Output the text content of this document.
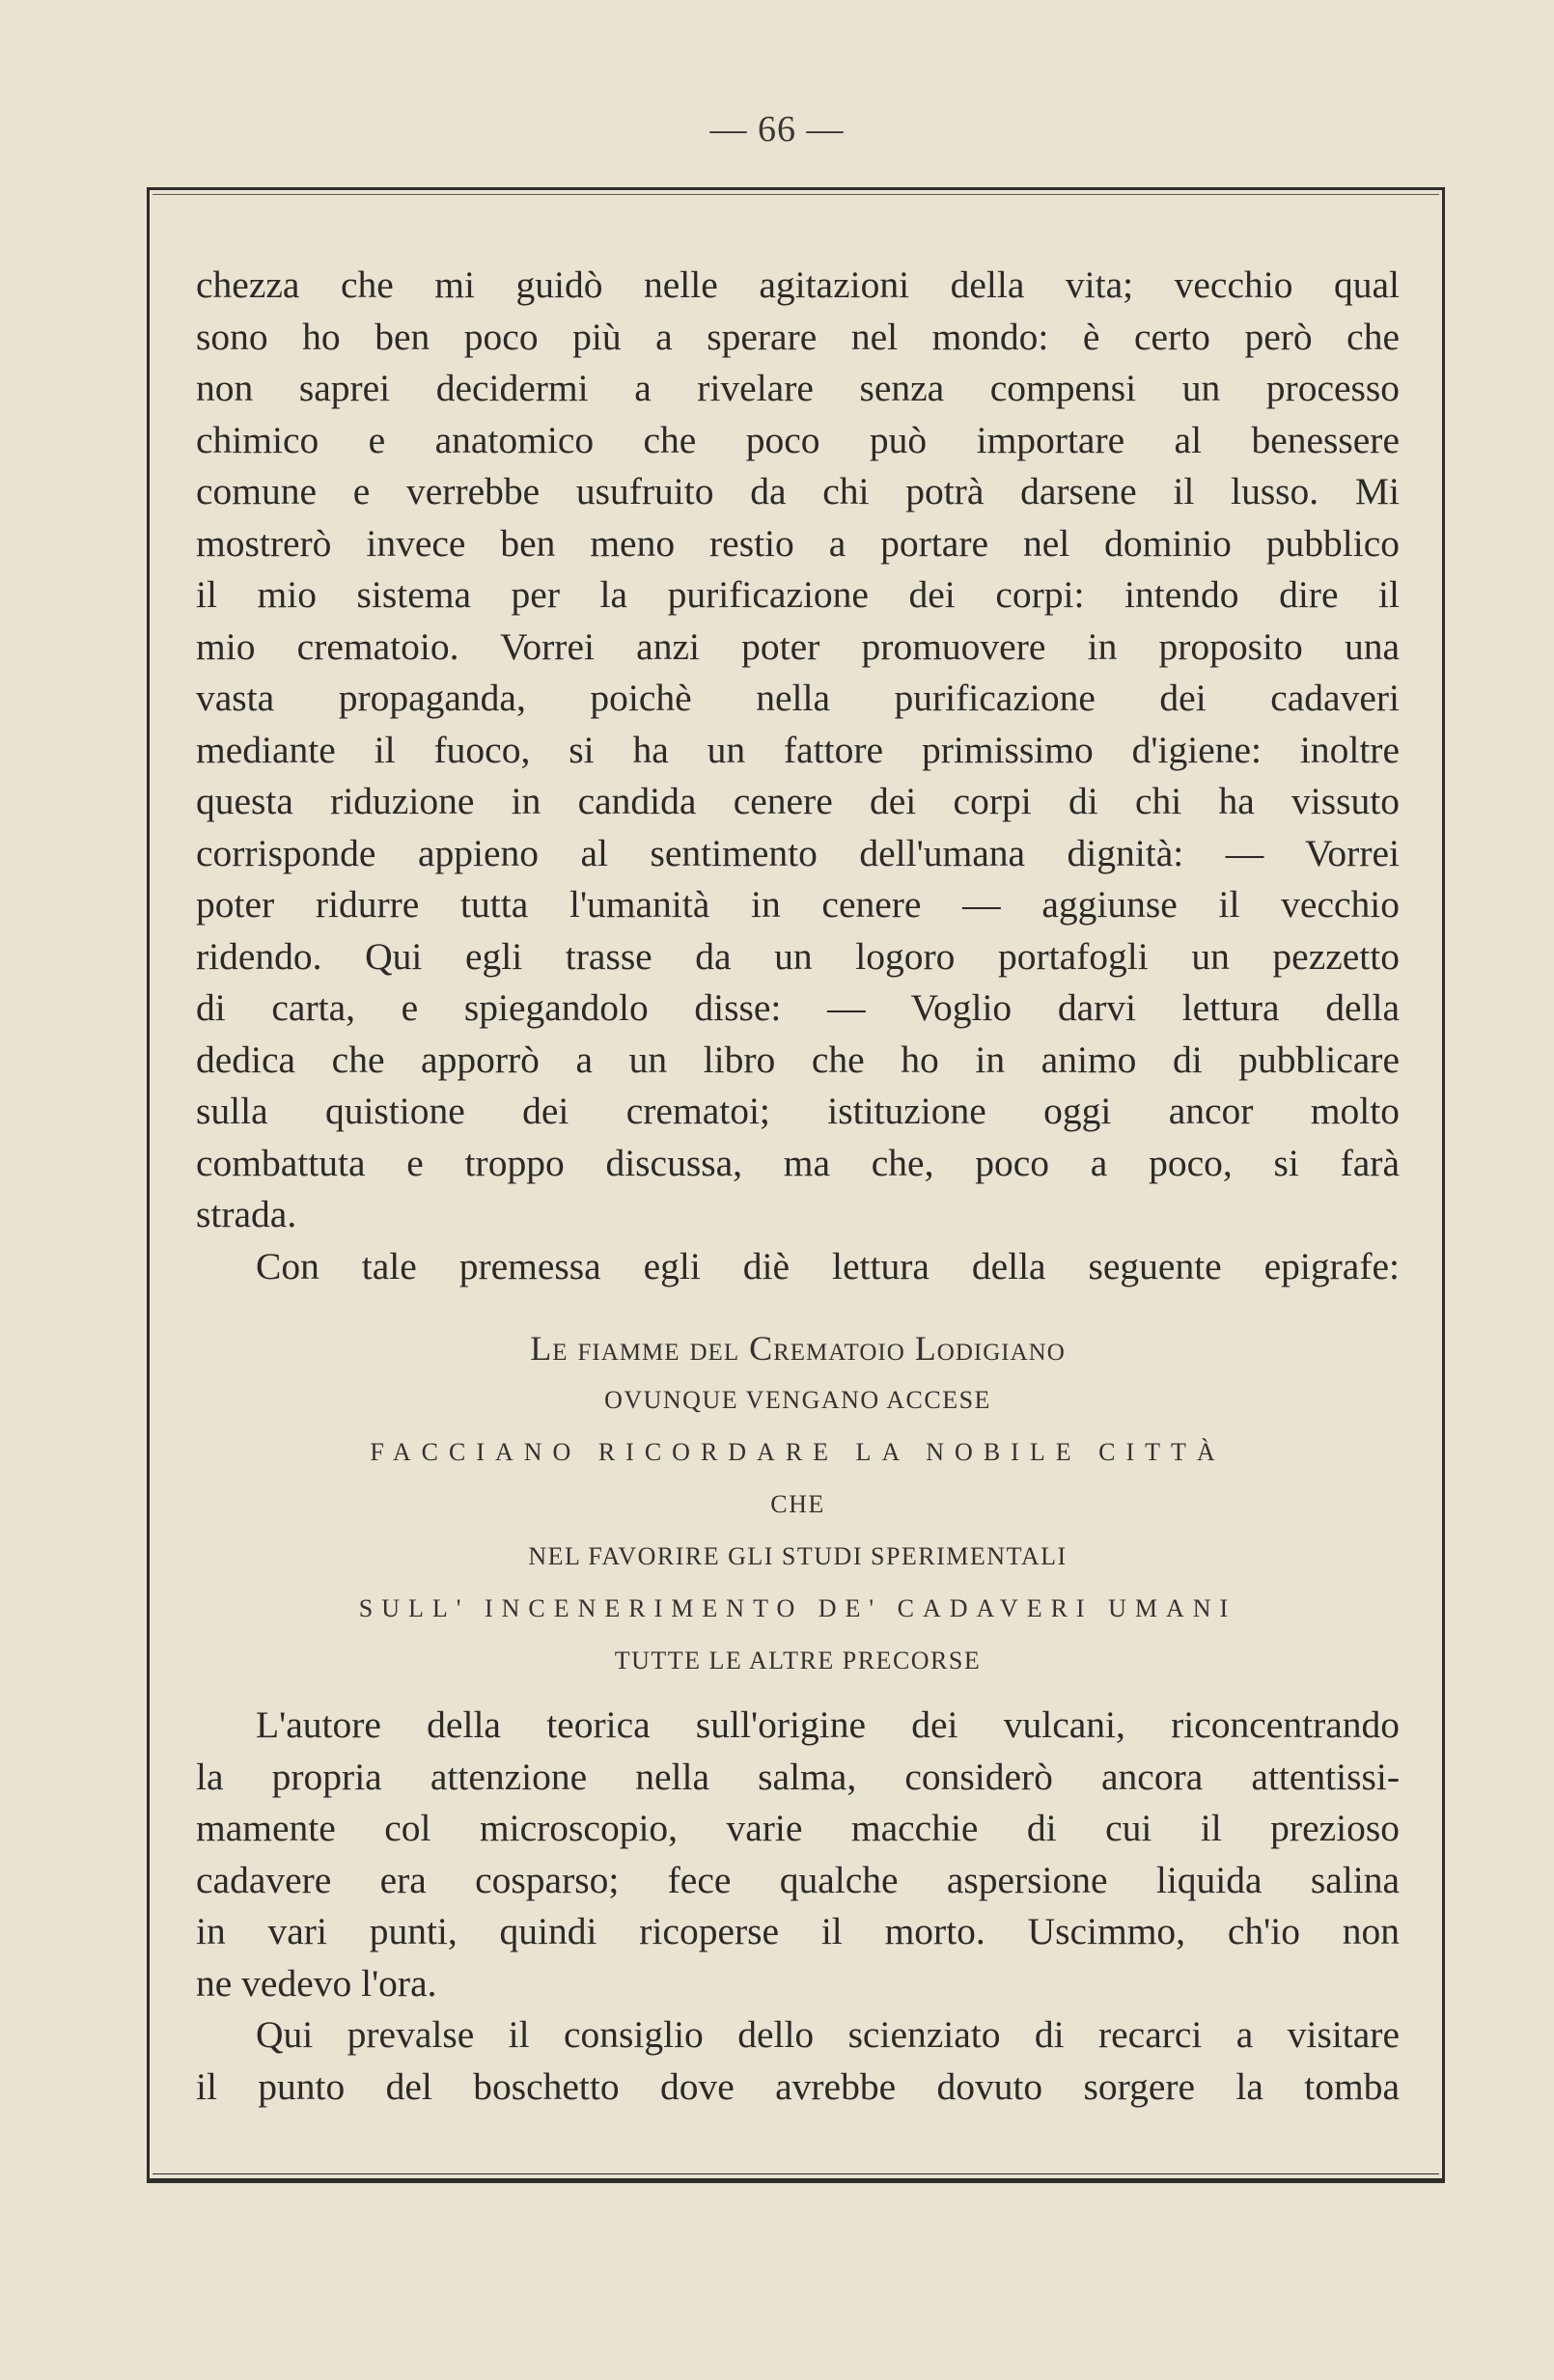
— 66 —
chezza che mi guidò nelle agitazioni della vita; vecchio qual
sono ho ben poco più a sperare nel mondo: è certo però che
non saprei decidermi a rivelare senza compensi un processo
chimico e anatomico che poco può importare al benessere
comune e verrebbe usufruito da chi potrà darsene il lusso. Mi
mostrerò invece ben meno restio a portare nel dominio pubblico
il mio sistema per la purificazione dei corpi: intendo dire il
mio crematoio. Vorrei anzi poter promuovere in proposito una
vasta propaganda, poichè nella purificazione dei cadaveri
mediante il fuoco, si ha un fattore primissimo d'igiene: inoltre
questa riduzione in candida cenere dei corpi di chi ha vissuto
corrisponde appieno al sentimento dell'umana dignità: — Vorrei
poter ridurre tutta l'umanità in cenere — aggiunse il vecchio
ridendo. Qui egli trasse da un logoro portafogli un pezzetto
di carta, e spiegandolo disse: — Voglio darvi lettura della
dedica che apporrò a un libro che ho in animo di pubblicare
sulla quistione dei crematoi; istituzione oggi ancor molto
combattuta e troppo discussa, ma che, poco a poco, si farà
strada.
Con tale premessa egli diè lettura della seguente epigrafe:
Le fiamme del Crematoio Lodigiano
OVUNQUE VENGANO ACCESE
FACCIANO RICORDARE LA NOBILE CITTÀ
CHE
NEL FAVORIRE GLI STUDI SPERIMENTALI
SULL' INCENERIMENTO DE' CADAVERI UMANI
TUTTE LE ALTRE PRECORSE
L'autore della teorica sull'origine dei vulcani, riconcentrando
la propria attenzione nella salma, considerò ancora attentissi-
mamente col microscopio, varie macchie di cui il prezioso
cadavere era cosparso; fece qualche aspersione liquida salina
in vari punti, quindi ricoperse il morto. Uscimmo, ch'io non
ne vedevo l'ora.
Qui prevalse il consiglio dello scienziato di recarci a visitare
il punto del boschetto dove avrebbe dovuto sorgere la tomba
